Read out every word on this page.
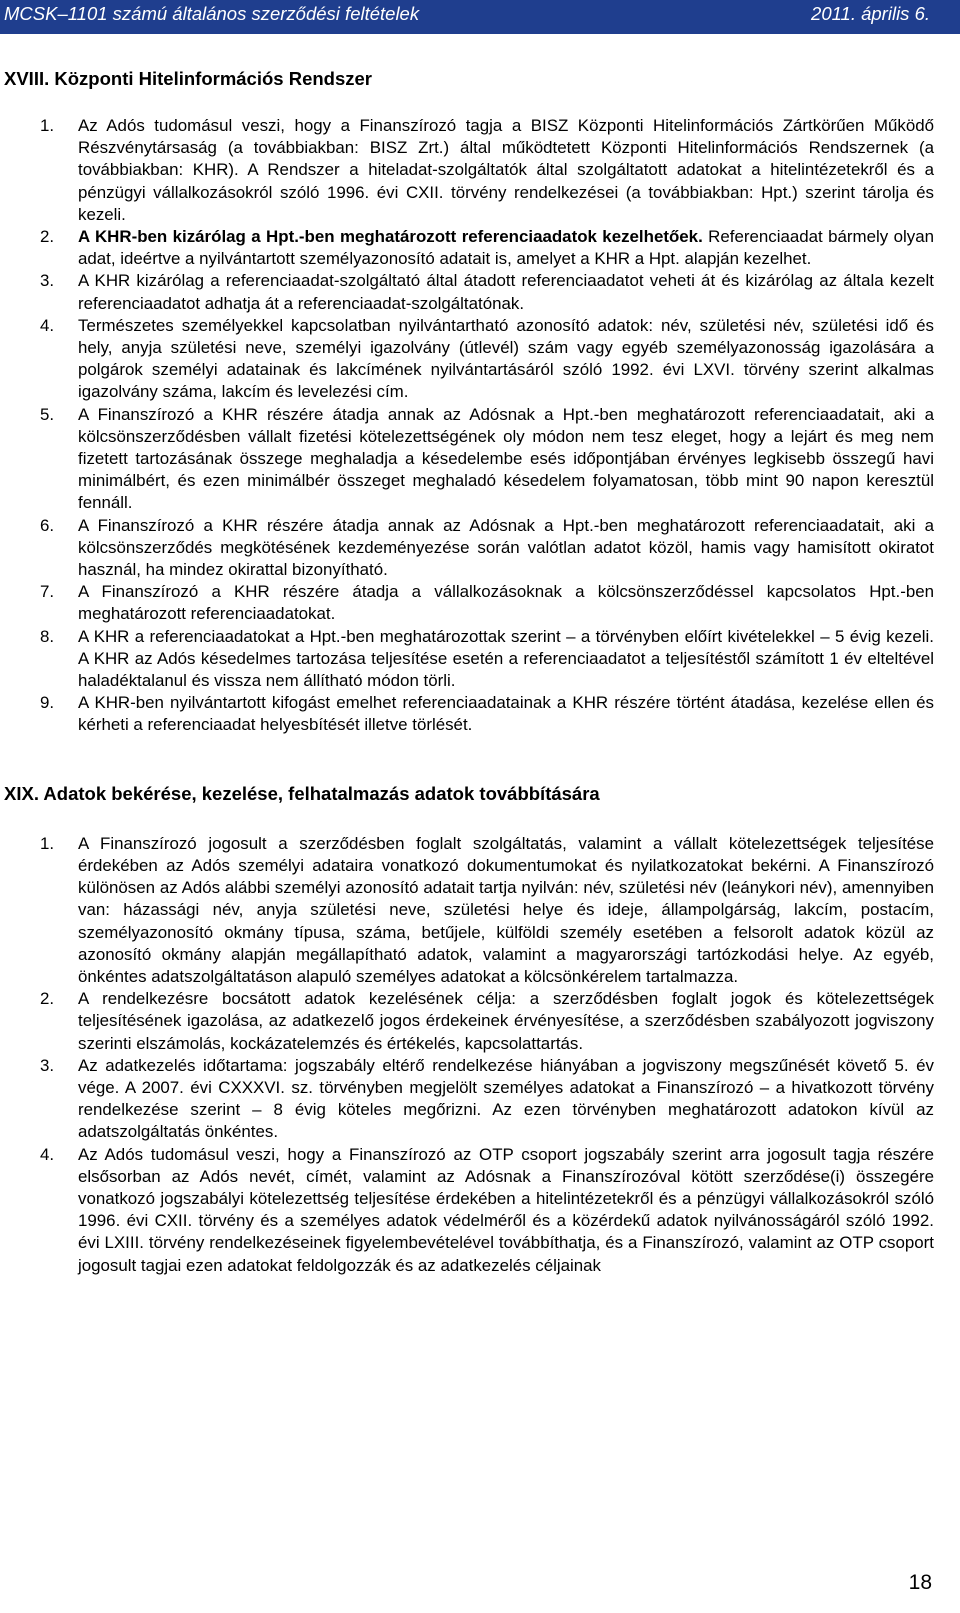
MCSK–1101 számú általános szerződési feltételek	2011. április 6.
XVIII. Központi Hitelinformációs Rendszer
1. Az Adós tudomásul veszi, hogy a Finanszírozó tagja a BISZ Központi Hitelinformációs Zártkörűen Működő Részvénytársaság (a továbbiakban: BISZ Zrt.) által működtetett Központi Hitelinformációs Rendszernek (a továbbiakban: KHR). A Rendszer a hiteladat-szolgáltatók által szolgáltatott adatokat a hitelintézetekről és a pénzügyi vállalkozásokról szóló 1996. évi CXII. törvény rendelkezései (a továbbiakban: Hpt.) szerint tárolja és kezeli.
2. A KHR-ben kizárólag a Hpt.-ben meghatározott referenciaadatok kezelhetőek. Referenciaadat bármely olyan adat, ideértve a nyilvántartott személyazonosító adatait is, amelyet a KHR a Hpt. alapján kezelhet.
3. A KHR kizárólag a referenciaadat-szolgáltató által átadott referenciaadatot veheti át és kizárólag az általa kezelt referenciaadatot adhatja át a referenciaadat-szolgáltatónak.
4. Természetes személyekkel kapcsolatban nyilvántartható azonosító adatok: név, születési név, születési idő és hely, anyja születési neve, személyi igazolvány (útlevél) szám vagy egyéb személyazonosság igazolására a polgárok személyi adatainak és lakcímének nyilvántartásáról szóló 1992. évi LXVI. törvény szerint alkalmas igazolvány száma, lakcím és levelezési cím.
5. A Finanszírozó a KHR részére átadja annak az Adósnak a Hpt.-ben meghatározott referenciaadatait, aki a kölcsönszerződésben vállalt fizetési kötelezettségének oly módon nem tesz eleget, hogy a lejárt és meg nem fizetett tartozásának összege meghaladja a késedelembe esés időpontjában érvényes legkisebb összegű havi minimálbért, és ezen minimálbér összeget meghaladó késedelem folyamatosan, több mint 90 napon keresztül fennáll.
6. A Finanszírozó a KHR részére átadja annak az Adósnak a Hpt.-ben meghatározott referenciaadatait, aki a kölcsönszerződés megkötésének kezdeményezése során valótlan adatot közöl, hamis vagy hamisított okiratot használ, ha mindez okirattal bizonyítható.
7. A Finanszírozó a KHR részére átadja a vállalkozásoknak a kölcsönszerződéssel kapcsolatos Hpt.-ben meghatározott referenciaadatokat.
8. A KHR a referenciaadatokat a Hpt.-ben meghatározottak szerint – a törvényben előírt kivételekkel – 5 évig kezeli. A KHR az Adós késedelmes tartozása teljesítése esetén a referenciaadatot a teljesítéstől számított 1 év elteltével haladéktalanul és vissza nem állítható módon törli.
9. A KHR-ben nyilvántartott kifogást emelhet referenciaadatainak a KHR részére történt átadása, kezelése ellen és kérheti a referenciaadat helyesbítését illetve törlését.
XIX. Adatok bekérése, kezelése, felhatalmazás adatok továbbítására
1. A Finanszírozó jogosult a szerződésben foglalt szolgáltatás, valamint a vállalt kötelezettségek teljesítése érdekében az Adós személyi adataira vonatkozó dokumentumokat és nyilatkozatokat bekérni. A Finanszírozó különösen az Adós alábbi személyi azonosító adatait tartja nyilván: név, születési név (leánykori név), amennyiben van: házassági név, anyja születési neve, születési helye és ideje, állampolgárság, lakcím, postacím, személyazonosító okmány típusa, száma, betűjele, külföldi személy esetében a felsorolt adatok közül az azonosító okmány alapján megállapítható adatok, valamint a magyarországi tartózkodási helye. Az egyéb, önkéntes adatszolgáltatáson alapuló személyes adatokat a kölcsönkérelem tartalmazza.
2. A rendelkezésre bocsátott adatok kezelésének célja: a szerződésben foglalt jogok és kötelezettségek teljesítésének igazolása, az adatkezelő jogos érdekeinek érvényesítése, a szerződésben szabályozott jogviszony szerinti elszámolás, kockázatelemzés és értékelés, kapcsolattartás.
3. Az adatkezelés időtartama: jogszabály eltérő rendelkezése hiányában a jogviszony megszűnését követő 5. év vége. A 2007. évi CXXXVI. sz. törvényben megjelölt személyes adatokat a Finanszírozó – a hivatkozott törvény rendelkezése szerint – 8 évig köteles megőrizni. Az ezen törvényben meghatározott adatokon kívül az adatszolgáltatás önkéntes.
4. Az Adós tudomásul veszi, hogy a Finanszírozó az OTP csoport jogszabály szerint arra jogosult tagja részére elsősorban az Adós nevét, címét, valamint az Adósnak a Finanszírozóval kötött szerződése(i) összegére vonatkozó jogszabályi kötelezettség teljesítése érdekében a hitelintézetekről és a pénzügyi vállalkozásokról szóló 1996. évi CXII. törvény és a személyes adatok védelméről és a közérdekű adatok nyilvánosságáról szóló 1992. évi LXIII. törvény rendelkezéseinek figyelembevételével továbbíthatja, és a Finanszírozó, valamint az OTP csoport jogosult tagjai ezen adatokat feldolgozzák és az adatkezelés céljainak
18
